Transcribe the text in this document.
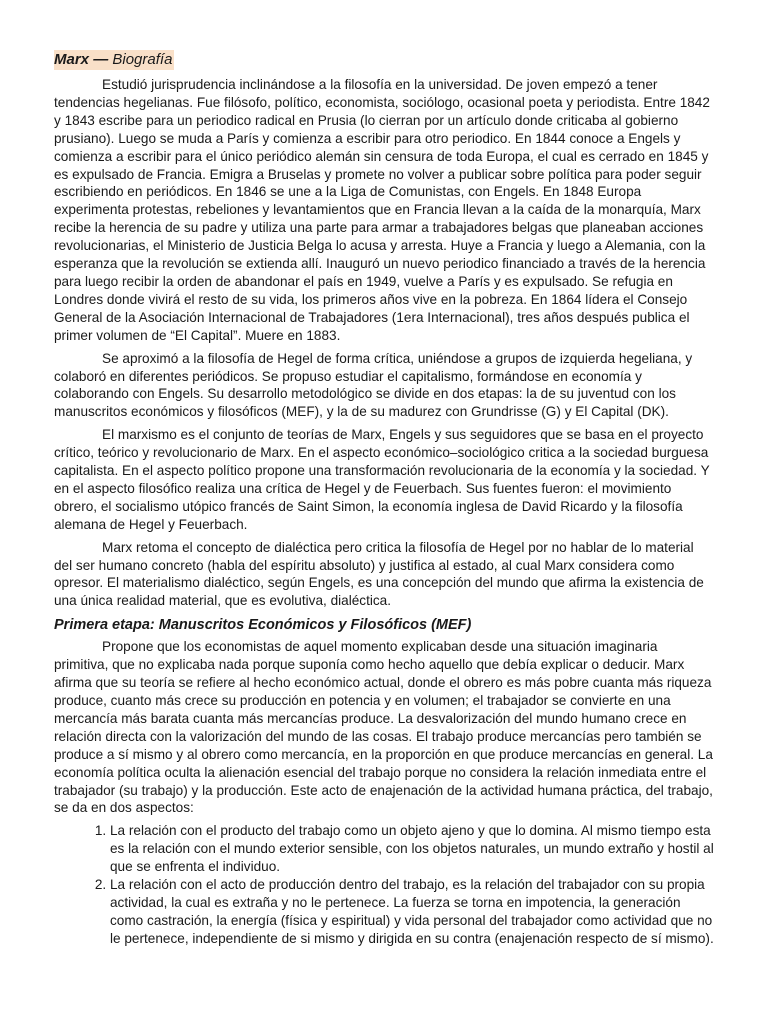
Marx — Biografía

Estudió jurisprudencia inclinándose a la filosofía en la universidad. De joven empezó a tener tendencias hegelianas. Fue filósofo, político, economista, sociólogo, ocasional poeta y periodista. Entre 1842 y 1843 escribe para un periodico radical en Prusia (lo cierran por un artículo donde criticaba al gobierno prusiano). Luego se muda a París y comienza a escribir para otro periodico. En 1844 conoce a Engels y comienza a escribir para el único periódico alemán sin censura de toda Europa, el cual es cerrado en 1845 y es expulsado de Francia. Emigra a Bruselas y promete no volver a publicar sobre política para poder seguir escribiendo en periódicos. En 1846 se une a la Liga de Comunistas, con Engels. En 1848 Europa experimenta protestas, rebeliones y levantamientos que en Francia llevan a la caída de la monarquía, Marx recibe la herencia de su padre y utiliza una parte para armar a trabajadores belgas que planeaban acciones revolucionarias, el Ministerio de Justicia Belga lo acusa y arresta. Huye a Francia y luego a Alemania, con la esperanza que la revolución se extienda allí. Inauguró un nuevo periodico financiado a través de la herencia para luego recibir la orden de abandonar el país en 1949, vuelve a París y es expulsado. Se refugia en Londres donde vivirá el resto de su vida, los primeros años vive en la pobreza. En 1864 lídera el Consejo General de la Asociación Internacional de Trabajadores (1era Internacional), tres años después publica el primer volumen de “El Capital”. Muere en 1883.

Se aproximó a la filosofía de Hegel de forma crítica, uniéndose a grupos de izquierda hegeliana, y colaboró en diferentes periódicos. Se propuso estudiar el capitalismo, formándose en economía y colaborando con Engels. Su desarrollo metodológico se divide en dos etapas: la de su juventud con los manuscritos económicos y filosóficos (MEF), y la de su madurez con Grundrisse (G) y El Capital (DK).

El marxismo es el conjunto de teorías de Marx, Engels y sus seguidores que se basa en el proyecto crítico, teórico y revolucionario de Marx. En el aspecto económico–sociológico critica a la sociedad burguesa capitalista. En el aspecto político propone una transformación revolucionaria de la economía y la sociedad. Y en el aspecto filosófico realiza una crítica de Hegel y de Feuerbach. Sus fuentes fueron: el movimiento obrero, el socialismo utópico francés de Saint Simon, la economía inglesa de David Ricardo y la filosofía alemana de Hegel y Feuerbach.

Marx retoma el concepto de dialéctica pero critica la filosofía de Hegel por no hablar de lo material del ser humano concreto (habla del espíritu absoluto) y justifica al estado, al cual Marx considera como opresor. El materialismo dialéctico, según Engels, es una concepción del mundo que afirma la existencia de una única realidad material, que es evolutiva, dialéctica.

Primera etapa: Manuscritos Económicos y Filosóficos (MEF)

Propone que los economistas de aquel momento explicaban desde una situación imaginaria primitiva, que no explicaba nada porque suponía como hecho aquello que debía explicar o deducir. Marx afirma que su teoría se refiere al hecho económico actual, donde el obrero es más pobre cuanta más riqueza produce, cuanto más crece su producción en potencia y en volumen; el trabajador se convierte en una mercancía más barata cuanta más mercancías produce. La desvalorización del mundo humano crece en relación directa con la valorización del mundo de las cosas. El trabajo produce mercancías pero también se produce a sí mismo y al obrero como mercancía, en la proporción en que produce mercancías en general. La economía política oculta la alienación esencial del trabajo porque no considera la relación inmediata entre el trabajador (su trabajo) y la producción. Este acto de enajenación de la actividad humana práctica, del trabajo, se da en dos aspectos:

1. La relación con el producto del trabajo como un objeto ajeno y que lo domina. Al mismo tiempo esta es la relación con el mundo exterior sensible, con los objetos naturales, un mundo extraño y hostil al que se enfrenta el individuo.
2. La relación con el acto de producción dentro del trabajo, es la relación del trabajador con su propia actividad, la cual es extraña y no le pertenece. La fuerza se torna en impotencia, la generación como castración, la energía (física y espiritual) y vida personal del trabajador como actividad que no le pertenece, independiente de si mismo y dirigida en su contra (enajenación respecto de sí mismo).
